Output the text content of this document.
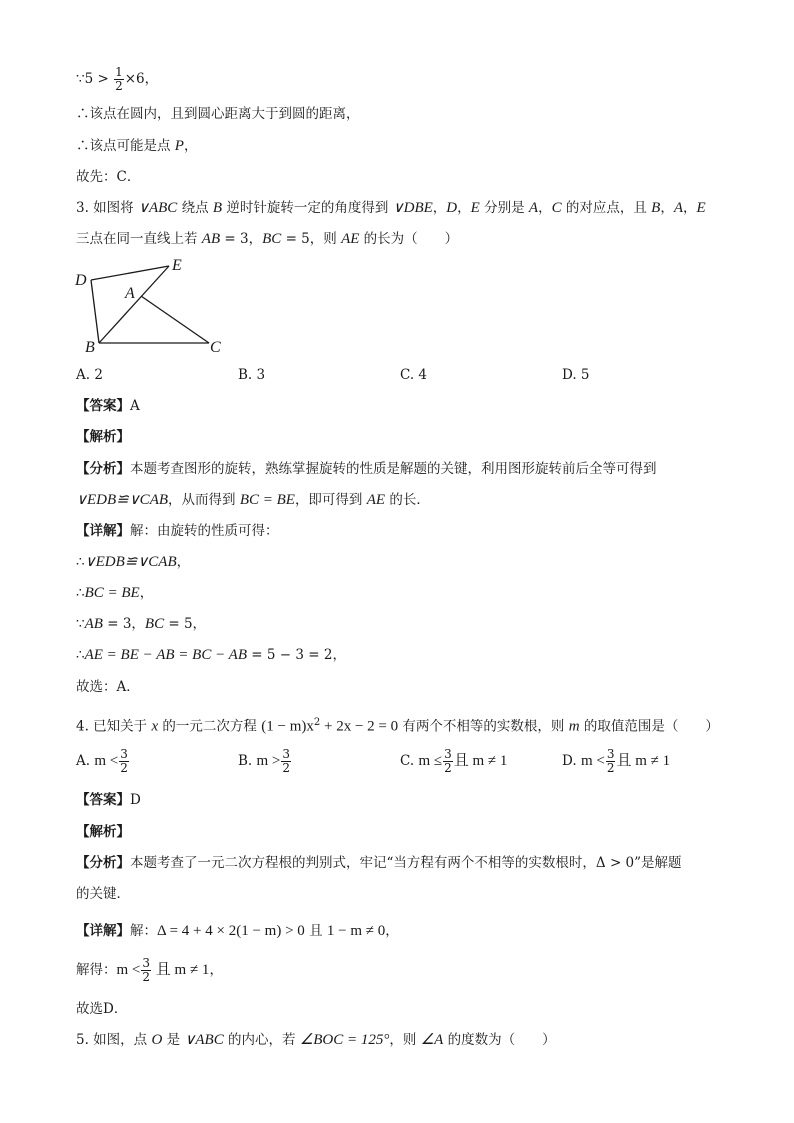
∵5 > $\frac{1}{2} \times 6$，
∴该点在圆内，且到圆心距离大于到圆的距离，
∴该点可能是点 P，
故先：C．
3. 如图将 ∨ABC 绕点 B 逆时针旋转一定的角度得到 ∨DBE，D，E 分别是 A，C 的对应点，且 B，A，E
三点在同一直线上若 AB = 3，BC = 5，则 AE 的长为（　　）
D
E
A
B	C
A. 2	B. 3	C. 4	D. 5
【答案】A
【解析】
【分析】本题考查图形的旋转，熟练掌握旋转的性质是解题的关键，利用图形旋转前后全等可得到
∨EDB≌∨CAB，从而得到 BC = BE，即可得到 AE 的长．
【详解】解：由旋转的性质可得：
∴∨EDB≌∨CAB，
∴BC = BE，
∵AB = 3，BC = 5，
∴AE = BE − AB = BC − AB = 5 − 3 = 2，
故选：A．
4. 已知关于 x 的一元二次方程 $(1 - m)x^2 + 2x - 2 = 0$ 有两个不相等的实数根，则 m 的取值范围是（　　）
A. $m < \frac{3}{2}$	B. $m > \frac{3}{2}$	C. $m \le \frac{3}{2}$ 且 m ≠ 1	D. $m < \frac{3}{2}$ 且 m ≠ 1
【答案】D
【解析】
【分析】本题考查了一元二次方程根的判别式，牢记“当方程有两个不相等的实数根时，Δ > 0”是解题
的关键．
【详解】解：Δ = 4 + 4 × 2(1 − m) > 0 且 1 − m ≠ 0，
解得：$m < \frac{3}{2}$ 且 m ≠ 1，
故选D．
5. 如图，点 O 是 ∨ABC 的内心，若 ∠BOC = 125°，则 ∠A 的度数为（　　）
